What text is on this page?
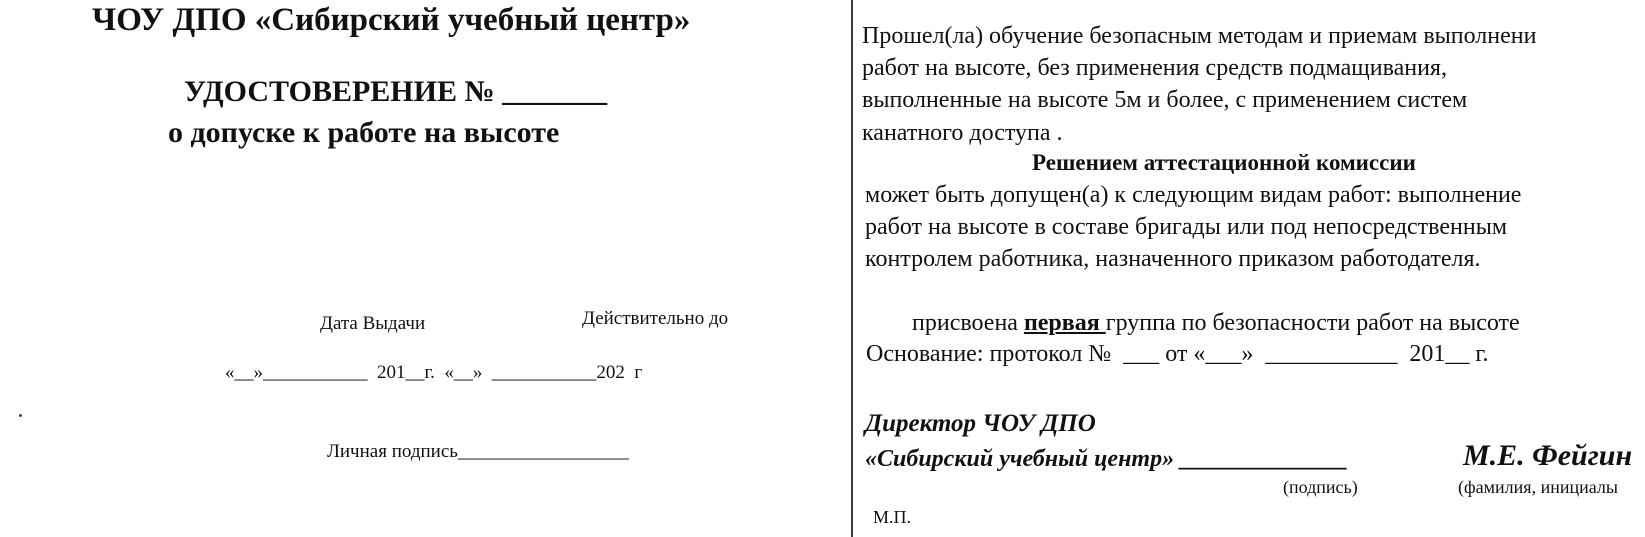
ЧОУ ДПО «Сибирский учебный центр»
УДОСТОВЕРЕНИЕ № _______
о допуске к работе на высоте
Дата Выдачи	Действительно до
«__»___________  201__г.  «__»  ___________202  г
Личная подпись__________________
Прошел(ла) обучение безопасным методам и приемам выполнени
работ на высоте, без применения средств подмащивания,
выполненные на высоте 5м и более, с применением систем
канатного доступа .
Решением аттестационной комиссии
может быть допущен(а) к следующим видам работ: выполнение
работ на высоте в составе бригады или под непосредственным
контролем работника, назначенного приказом работодателя.
присвоена первая группа по безопасности работ на высоте
Основание: протокол №  ___ от «___»  ___________  201__ г.
Директор ЧОУ ДПО
«Сибирский учебный центр» ______________	М.Е. Фейгин
(подпись)	(фамилия, инициалы
М.П.
